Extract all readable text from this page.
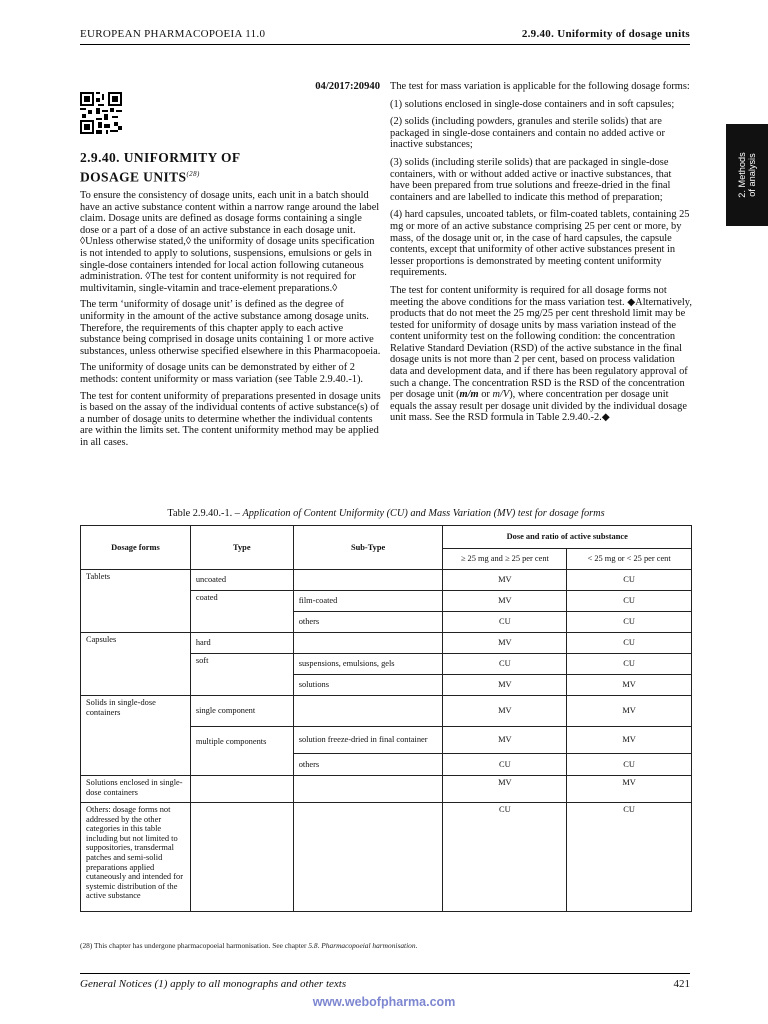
EUROPEAN PHARMACOPOEIA 11.0	2.9.40. Uniformity of dosage units
04/2017:20940
2.9.40. UNIFORMITY OF
DOSAGE UNITS$^{(28)}$

To ensure the consistency of dosage units, each unit in a batch should have an active substance content within a narrow range around the label claim. Dosage units are defined as dosage forms containing a single dose or a part of a dose of an active substance in each dosage unit. ◊Unless otherwise stated,◊ the uniformity of dosage units specification is not intended to apply to solutions, suspensions, emulsions or gels in single-dose containers intended for local action following cutaneous administration. ◊The test for content uniformity is not required for multivitamin, single-vitamin and trace-element preparations.◊

The term ‘uniformity of dosage unit’ is defined as the degree of uniformity in the amount of the active substance among dosage units. Therefore, the requirements of this chapter apply to each active substance being comprised in dosage units containing 1 or more active substances, unless otherwise specified elsewhere in this Pharmacopoeia.

The uniformity of dosage units can be demonstrated by either of 2 methods: content uniformity or mass variation (see Table 2.9.40.-1).

The test for content uniformity of preparations presented in dosage units is based on the assay of the individual contents of active substance(s) of a number of dosage units to determine whether the individual contents are within the limits set. The content uniformity method may be applied in all cases.

The test for mass variation is applicable for the following dosage forms:

(1) solutions enclosed in single-dose containers and in soft capsules;

(2) solids (including powders, granules and sterile solids) that are packaged in single-dose containers and contain no added active or inactive substances;

(3) solids (including sterile solids) that are packaged in single-dose containers, with or without added active or inactive substances, that have been prepared from true solutions and freeze-dried in the final containers and are labelled to indicate this method of preparation;

(4) hard capsules, uncoated tablets, or film-coated tablets, containing 25 mg or more of an active substance comprising 25 per cent or more, by mass, of the dosage unit or, in the case of hard capsules, the capsule contents, except that uniformity of other active substances present in lesser proportions is demonstrated by meeting content uniformity requirements.

The test for content uniformity is required for all dosage forms not meeting the above conditions for the mass variation test. ◆Alternatively, products that do not meet the 25 mg/25 per cent threshold limit may be tested for uniformity of dosage units by mass variation instead of the content uniformity test on the following condition: the concentration Relative Standard Deviation (RSD) of the active substance in the final dosage units is not more than 2 per cent, based on process validation data and development data, and if there has been regulatory approval of such a change. The concentration RSD is the RSD of the concentration per dosage unit (m/m or m/V), where concentration per dosage unit equals the assay result per dosage unit divided by the individual dosage unit mass. See the RSD formula in Table 2.9.40.-2.◆

2. Methods of analysis
Table 2.9.40.-1. – Application of Content Uniformity (CU) and Mass Variation (MV) test for dosage forms
Dosage forms	Type	Sub-Type	Dose and ratio of active substance	
			≥ 25 mg and ≥ 25 per cent	< 25 mg or < 25 per cent
Tablets	uncoated		MV	CU
	coated	film-coated	MV	CU
		others	CU	CU
Capsules	hard		MV	CU
	soft	suspensions, emulsions, gels	CU	CU
		solutions	MV	MV
Solids in single-dose containers	single component		MV	MV
	multiple components	solution freeze-dried in final container	MV	MV
		others	CU	CU
Solutions enclosed in single-dose containers			MV	MV
Others: dosage forms not addressed by the other categories in this table including but not limited to suppositories, transdermal patches and semi-solid preparations applied cutaneously and intended for systemic distribution of the active substance			CU	CU
(28) This chapter has undergone pharmacopoeial harmonisation. See chapter 5.8. Pharmacopoeial harmonisation.
General Notices (1) apply to all monographs and other texts	421
www.webofpharma.com
